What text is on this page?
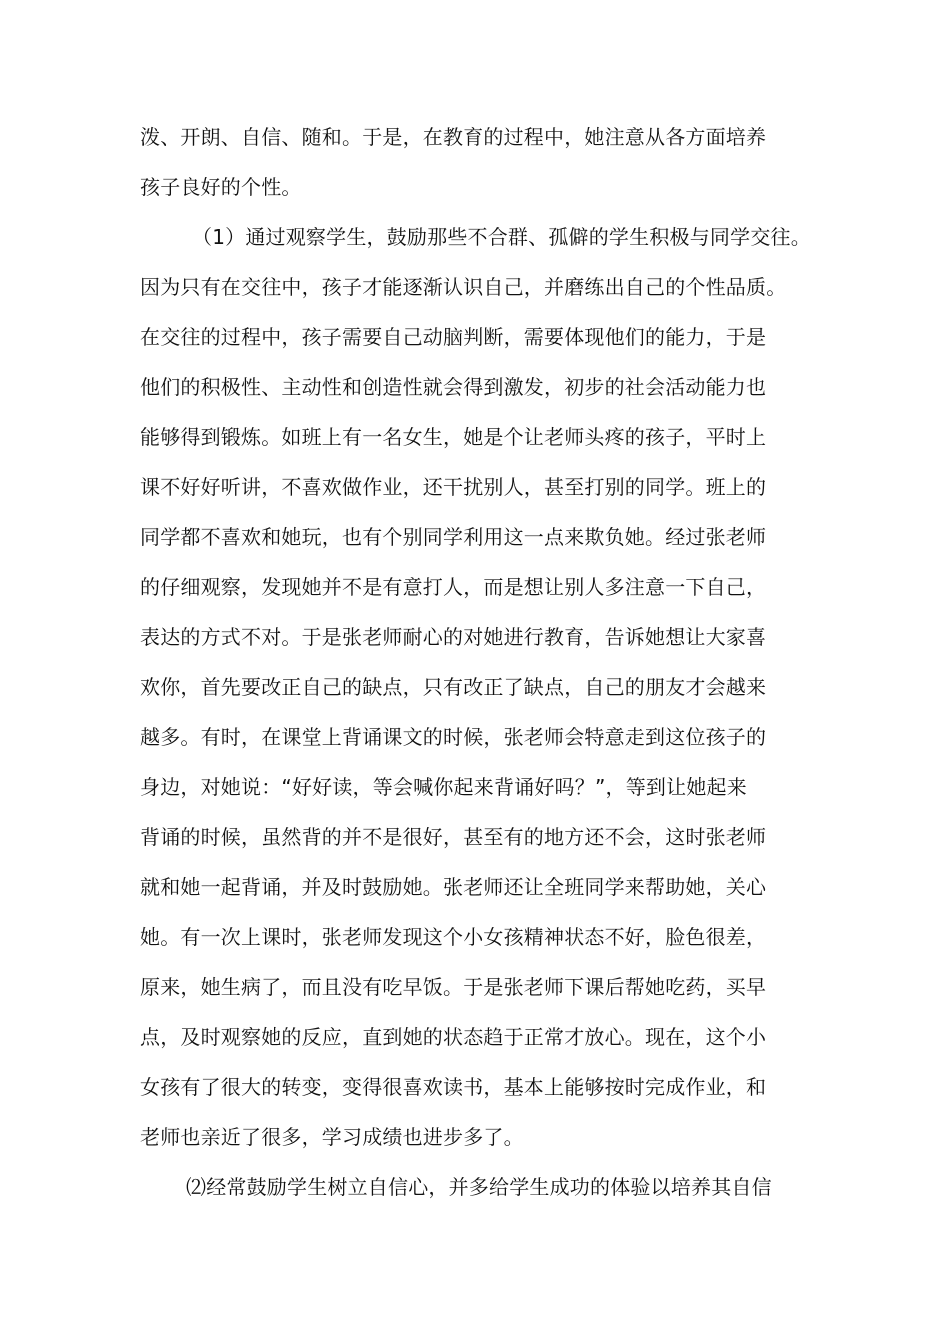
泼、开朗、自信、随和。于是，在教育的过程中，她注意从各方面培养
孩子良好的个性。
（1）通过观察学生，鼓励那些不合群、孤僻的学生积极与同学交往。
因为只有在交往中，孩子才能逐渐认识自己，并磨练出自己的个性品质。
在交往的过程中，孩子需要自己动脑判断，需要体现他们的能力，于是
他们的积极性、主动性和创造性就会得到激发，初步的社会活动能力也
能够得到锻炼。如班上有一名女生，她是个让老师头疼的孩子，平时上
课不好好听讲，不喜欢做作业，还干扰别人，甚至打别的同学。班上的
同学都不喜欢和她玩，也有个别同学利用这一点来欺负她。经过张老师
的仔细观察，发现她并不是有意打人，而是想让别人多注意一下自己，
表达的方式不对。于是张老师耐心的对她进行教育，告诉她想让大家喜
欢你，首先要改正自己的缺点，只有改正了缺点，自己的朋友才会越来
越多。有时，在课堂上背诵课文的时候，张老师会特意走到这位孩子的
身边，对她说：“好好读，等会喊你起来背诵好吗？”，等到让她起来
背诵的时候，虽然背的并不是很好，甚至有的地方还不会，这时张老师
就和她一起背诵，并及时鼓励她。张老师还让全班同学来帮助她，关心
她。有一次上课时，张老师发现这个小女孩精神状态不好，脸色很差，
原来，她生病了，而且没有吃早饭。于是张老师下课后帮她吃药，买早
点，及时观察她的反应，直到她的状态趋于正常才放心。现在，这个小
女孩有了很大的转变，变得很喜欢读书，基本上能够按时完成作业，和
老师也亲近了很多，学习成绩也进步多了。
⑵经常鼓励学生树立自信心，并多给学生成功的体验以培养其自信
